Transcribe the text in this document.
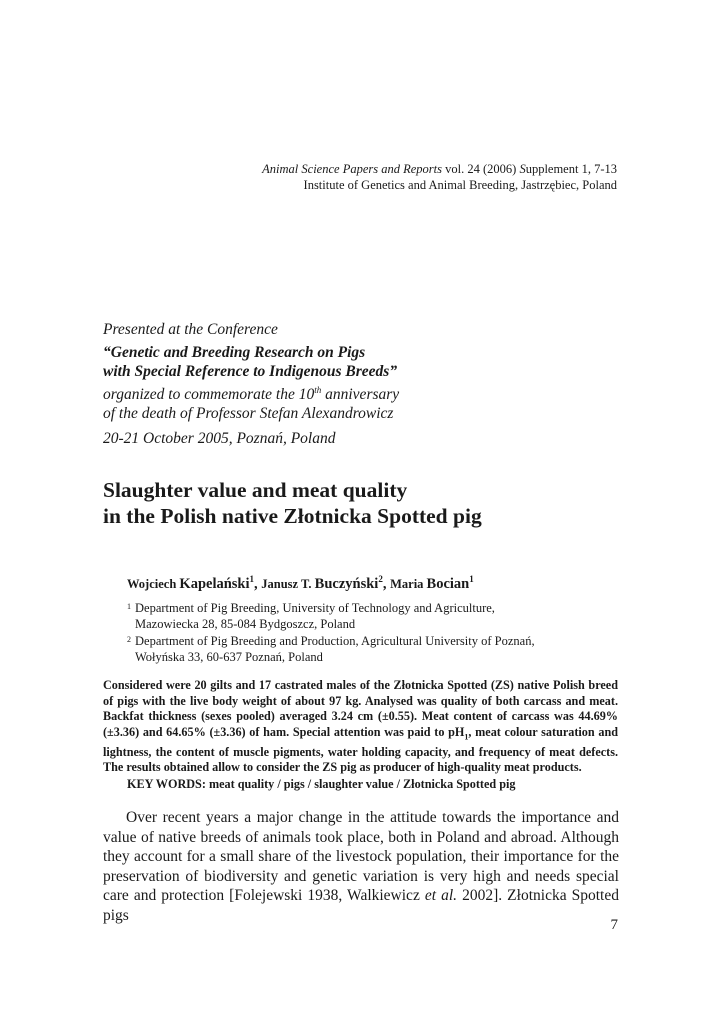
Animal Science Papers and Reports vol. 24 (2006) Supplement 1, 7-13
Institute of Genetics and Animal Breeding, Jastrzębiec, Poland
Presented at the Conference
“Genetic and Breeding Research on Pigs
with Special Reference to Indigenous Breeds”
organized to commemorate the 10th anniversary
of the death of Professor Stefan Alexandrowicz
20-21 October 2005, Poznań, Poland
Slaughter value and meat quality
in the Polish native Złotnicka Spotted pig
Wojciech Kapelański$^1$, Janusz T. Buczyński$^2$, Maria Bocian$^1$
$^1$ Department of Pig Breeding, University of Technology and Agriculture,
Mazowiecka 28, 85-084 Bydgoszcz, Poland
$^2$ Department of Pig Breeding and Production, Agricultural University of Poznań,
Wołyńska 33, 60-637 Poznań, Poland
Considered were 20 gilts and 17 castrated males of the Złotnicka Spotted (ZS) native Polish breed of pigs with the live body weight of about 97 kg. Analysed was quality of both carcass and meat. Backfat thickness (sexes pooled) averaged 3.24 cm (±0.55). Meat content of carcass was 44.69% (±3.36) and 64.65% (±3.36) of ham. Special attention was paid to $pH_1$, meat colour saturation and lightness, the content of muscle pigments, water holding capacity, and frequency of meat defects. The results obtained allow to consider the ZS pig as producer of high-quality meat products.
KEY WORDS: meat quality / pigs / slaughter value / Złotnicka Spotted pig
Over recent years a major change in the attitude towards the importance and value of native breeds of animals took place, both in Poland and abroad. Although they account for a small share of the livestock population, their importance for the preservation of biodiversity and genetic variation is very high and needs special care and protection [Folejewski 1938, Walkiewicz et al. 2002]. Złotnicka Spotted pigs
7
